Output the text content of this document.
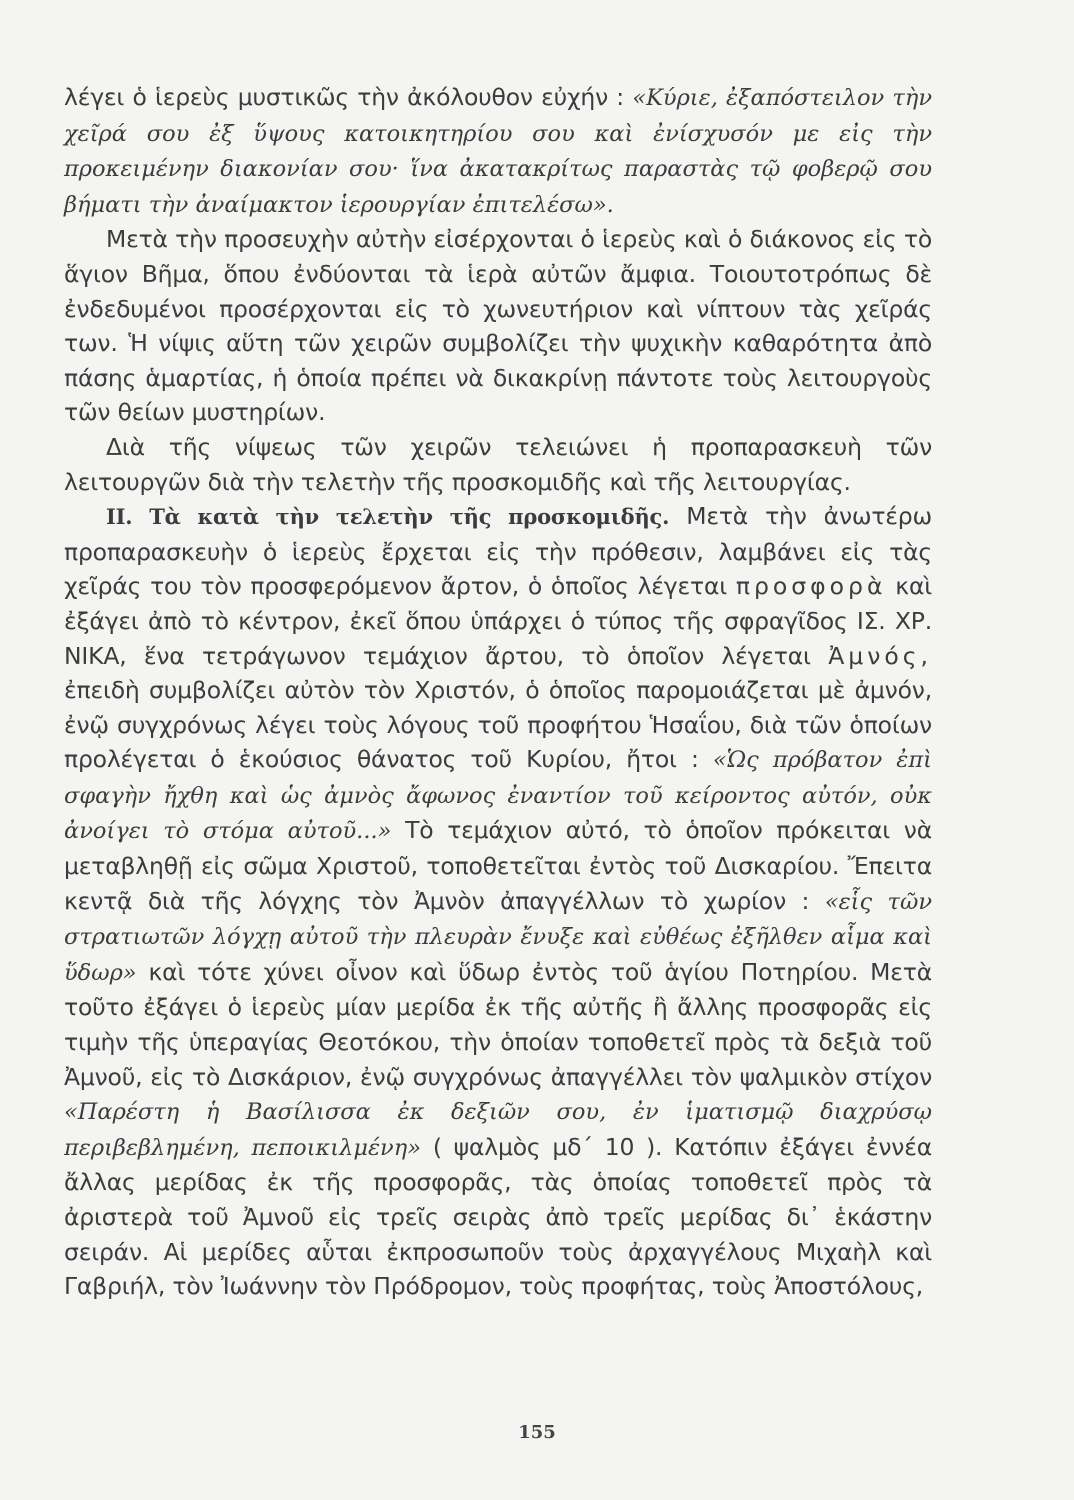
λέγει ὁ ἱερεὺς μυστικῶς τὴν ἀκόλουθον εὐχήν : «Κύριε, ἐξαπόστειλον τὴν χεῖρά σου ἐξ ὕψους κατοικητηρίου σου καὶ ἐνίσχυσόν με εἰς τὴν προκειμένην διακονίαν σου· ἵνα ἀκατακρίτως παραστὰς τῷ φοβερῷ σου βήματι τὴν ἀναίμακτον ἱερουργίαν ἐπιτελέσω».

Μετὰ τὴν προσευχὴν αὐτὴν εἰσέρχονται ὁ ἱερεὺς καὶ ὁ διάκονος εἰς τὸ ἅγιον Βῆμα, ὅπου ἐνδύονται τὰ ἱερὰ αὐτῶν ἄμφια. Τοιουτοτρόπως δὲ ἐνδεδυμένοι προσέρχονται εἰς τὸ χωνευτήριον καὶ νίπτουν τὰς χεῖράς των. Ἡ νίψις αὕτη τῶν χειρῶν συμβολίζει τὴν ψυχικὴν καθαρότητα ἀπὸ πάσης ἁμαρτίας, ἡ ὁποία πρέπει νὰ δικακρίνῃ πάντοτε τοὺς λειτουργοὺς τῶν θείων μυστηρίων.

Διὰ τῆς νίψεως τῶν χειρῶν τελειώνει ἡ προπαρασκευὴ τῶν λειτουργῶν διὰ τὴν τελετὴν τῆς προσκομιδῆς καὶ τῆς λειτουργίας.

II. Τὰ κατὰ τὴν τελετὴν τῆς προσκομιδῆς. Μετὰ τὴν ἀνωτέρω προπαρασκευὴν ὁ ἱερεὺς ἔρχεται εἰς τὴν πρόθεσιν, λαμβάνει εἰς τὰς χεῖράς του τὸν προσφερόμενον ἄρτον, ὁ ὁποῖος λέγεται προσφορὰ καὶ ἐξάγει ἀπὸ τὸ κέντρον, ἐκεῖ ὅπου ὑπάρχει ὁ τύπος τῆς σφραγῖδος ΙΣ. ΧΡ. ΝΙΚΑ, ἕνα τετράγωνον τεμάχιον ἄρτου, τὸ ὁποῖον λέγεται Ἀμνός, ἐπειδὴ συμβολίζει αὐτὸν τὸν Χριστόν, ὁ ὁποῖος παρομοιάζεται μὲ ἀμνόν, ἐνῷ συγχρόνως λέγει τοὺς λόγους τοῦ προφήτου Ἡσαΐου, διὰ τῶν ὁποίων προλέγεται ὁ ἑκούσιος θάνατος τοῦ Κυρίου, ἤτοι : «Ὡς πρόβατον ἐπὶ σφαγὴν ἤχθη καὶ ὡς ἀμνὸς ἄφωνος ἐναντίον τοῦ κείροντος αὐτόν, οὐκ ἀνοίγει τὸ στόμα αὐτοῦ...» Τὸ τεμάχιον αὐτό, τὸ ὁποῖον πρόκειται νὰ μεταβληθῇ εἰς σῶμα Χριστοῦ, τοποθετεῖται ἐντὸς τοῦ Δισκαρίου. Ἔπειτα κεντᾷ διὰ τῆς λόγχης τὸν Ἀμνὸν ἀπαγγέλλων τὸ χωρίον : «εἷς τῶν στρατιωτῶν λόγχῃ αὐτοῦ τὴν πλευρὰν ἔνυξε καὶ εὐθέως ἐξῆλθεν αἷμα καὶ ὕδωρ» καὶ τότε χύνει οἶνον καὶ ὕδωρ ἐντὸς τοῦ ἁγίου Ποτηρίου. Μετὰ τοῦτο ἐξάγει ὁ ἱερεὺς μίαν μερίδα ἐκ τῆς αὐτῆς ἢ ἄλλης προσφορᾶς εἰς τιμὴν τῆς ὑπεραγίας Θεοτόκου, τὴν ὁποίαν τοποθετεῖ πρὸς τὰ δεξιὰ τοῦ Ἀμνοῦ, εἰς τὸ Δισκάριον, ἐνῷ συγχρόνως ἀπαγγέλλει τὸν ψαλμικὸν στίχον «Παρέστη ἡ Βασίλισσα ἐκ δεξιῶν σου, ἐν ἱματισμῷ διαχρύσῳ περιβεβλημένη, πεποικιλμένη» ( ψαλμὸς μδ΄ 10 ). Κατόπιν ἐξάγει ἐννέα ἄλλας μερίδας ἐκ τῆς προσφορᾶς, τὰς ὁποίας τοποθετεῖ πρὸς τὰ ἀριστερὰ τοῦ Ἀμνοῦ εἰς τρεῖς σειρὰς ἀπὸ τρεῖς μερίδας δι᾿ ἑκάστην σειράν. Αἱ μερίδες αὗται ἐκπροσωποῦν τοὺς ἀρχαγγέλους Μιχαὴλ καὶ Γαβριήλ, τὸν Ἰωάννην τὸν Πρόδρομον, τοὺς προφήτας, τοὺς Ἀποστόλους,

155
